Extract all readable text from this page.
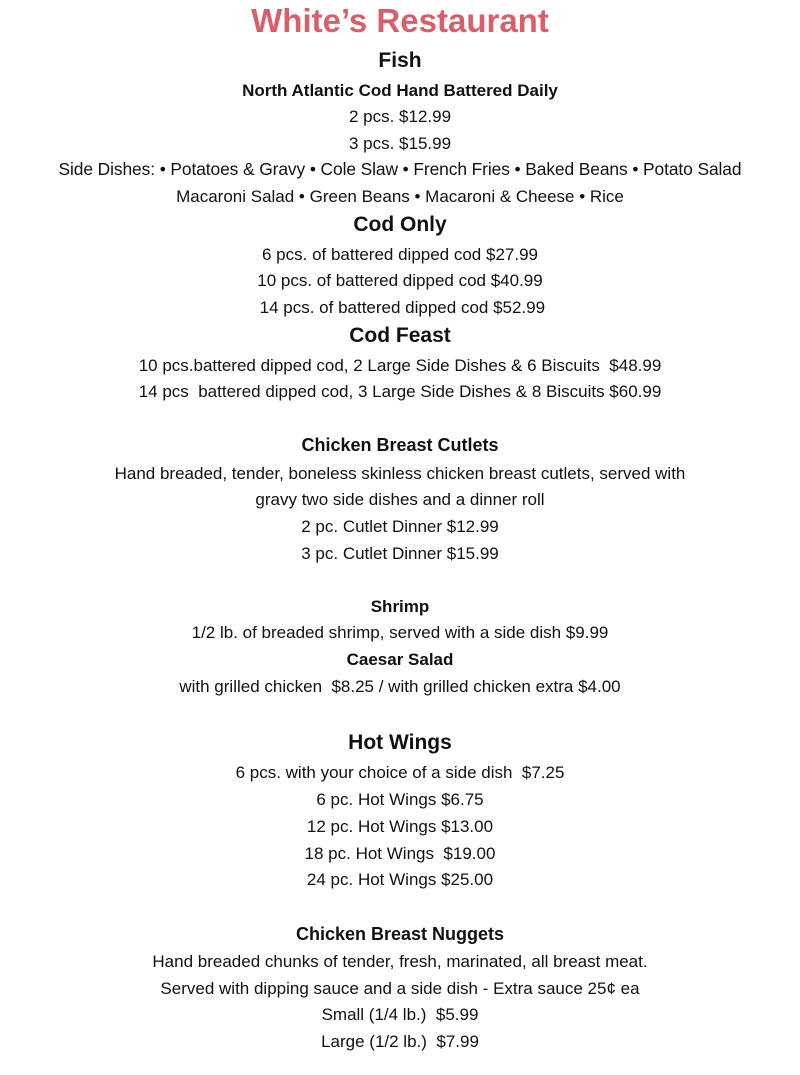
White’s Restaurant
Fish
North Atlantic Cod Hand Battered Daily
2 pcs. $12.99
3 pcs. $15.99
Side Dishes: • Potatoes & Gravy • Cole Slaw • French Fries • Baked Beans • Potato Salad
Macaroni Salad • Green Beans • Macaroni & Cheese • Rice
Cod Only
6 pcs. of battered dipped cod $27.99
10 pcs. of battered dipped cod $40.99
14 pcs. of battered dipped cod $52.99
Cod Feast
10 pcs.battered dipped cod, 2 Large Side Dishes & 6 Biscuits  $48.99
14 pcs  battered dipped cod, 3 Large Side Dishes & 8 Biscuits $60.99
Chicken Breast Cutlets
Hand breaded, tender, boneless skinless chicken breast cutlets, served with
gravy two side dishes and a dinner roll
2 pc. Cutlet Dinner $12.99
3 pc. Cutlet Dinner $15.99
Shrimp
1/2 lb. of breaded shrimp, served with a side dish $9.99
Caesar Salad
with grilled chicken  $8.25 / with grilled chicken extra $4.00
Hot Wings
6 pcs. with your choice of a side dish  $7.25
6 pc. Hot Wings $6.75
12 pc. Hot Wings $13.00
18 pc. Hot Wings  $19.00
24 pc. Hot Wings $25.00
Chicken Breast Nuggets
Hand breaded chunks of tender, fresh, marinated, all breast meat.
Served with dipping sauce and a side dish - Extra sauce 25¢ ea
Small (1/4 lb.)  $5.99
Large (1/2 lb.)  $7.99
